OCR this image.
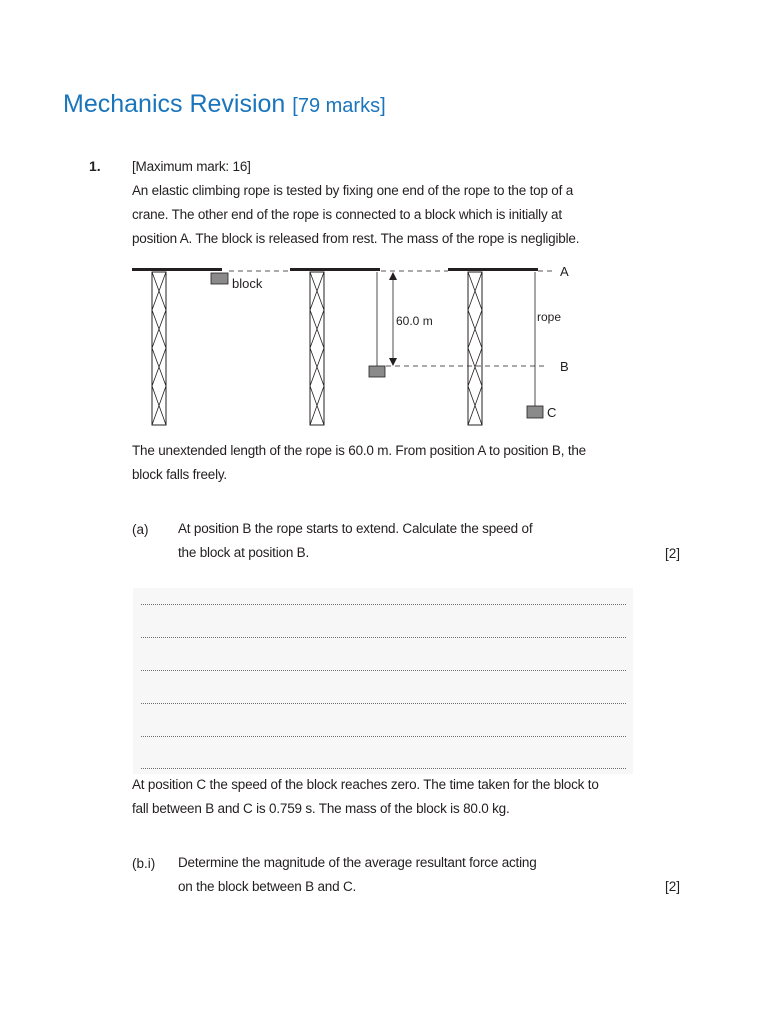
Mechanics Revision [79 marks]
1. [Maximum mark: 16]
An elastic climbing rope is tested by fixing one end of the rope to the top of a
crane. The other end of the rope is connected to a block which is initially at
position A. The block is released from rest. The mass of the rope is negligible.
block
60.0 m	rope
A
B
C
The unextended length of the rope is 60.0 m. From position A to position B, the
block falls freely.
(a) At position B the rope starts to extend. Calculate the speed of
the block at position B.	[2]
At position C the speed of the block reaches zero. The time taken for the block to
fall between B and C is 0.759 s. The mass of the block is 80.0 kg.
(b.i) Determine the magnitude of the average resultant force acting
on the block between B and C.	[2]
